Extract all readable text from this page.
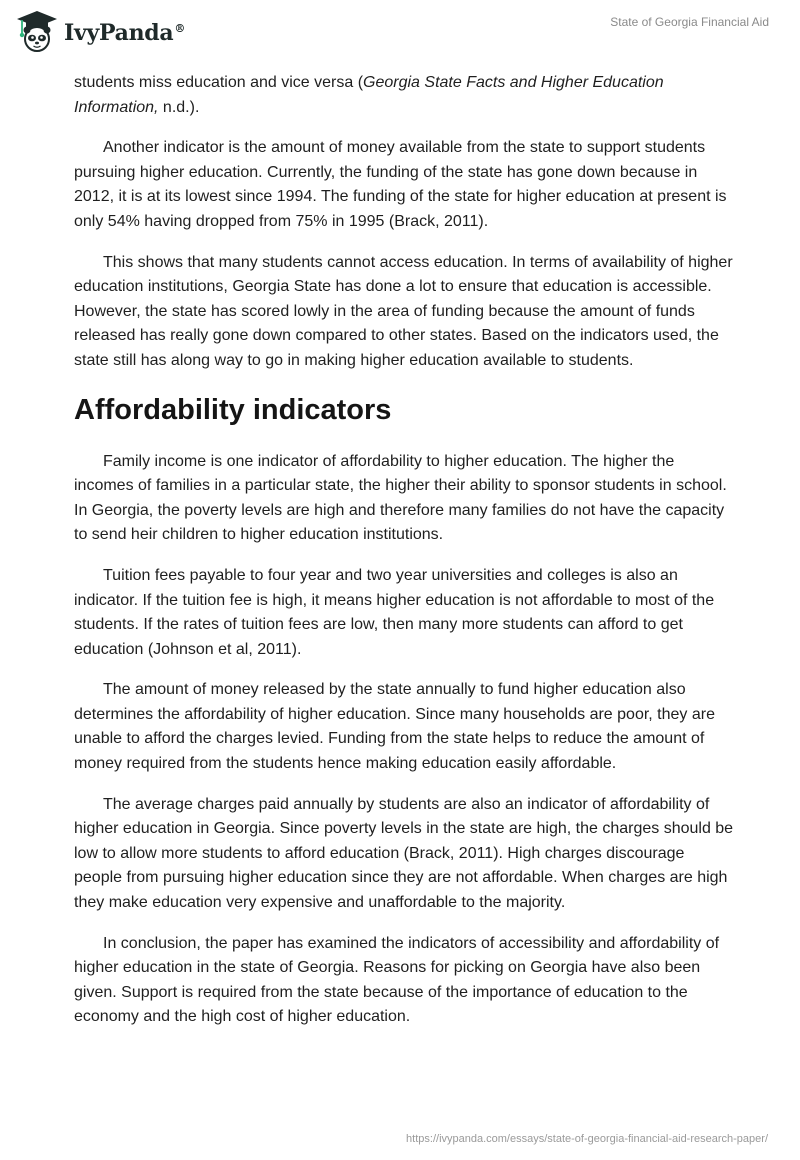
IvyPanda®	State of Georgia Financial Aid

students miss education and vice versa (Georgia State Facts and Higher Education Information, n.d.).

Another indicator is the amount of money available from the state to support students pursuing higher education. Currently, the funding of the state has gone down because in 2012, it is at its lowest since 1994. The funding of the state for higher education at present is only 54% having dropped from 75% in 1995 (Brack, 2011).

This shows that many students cannot access education. In terms of availability of higher education institutions, Georgia State has done a lot to ensure that education is accessible. However, the state has scored lowly in the area of funding because the amount of funds released has really gone down compared to other states. Based on the indicators used, the state still has along way to go in making higher education available to students.

Affordability indicators

Family income is one indicator of affordability to higher education. The higher the incomes of families in a particular state, the higher their ability to sponsor students in school. In Georgia, the poverty levels are high and therefore many families do not have the capacity to send heir children to higher education institutions.

Tuition fees payable to four year and two year universities and colleges is also an indicator. If the tuition fee is high, it means higher education is not affordable to most of the students. If the rates of tuition fees are low, then many more students can afford to get education (Johnson et al, 2011).

The amount of money released by the state annually to fund higher education also determines the affordability of higher education. Since many households are poor, they are unable to afford the charges levied. Funding from the state helps to reduce the amount of money required from the students hence making education easily affordable.

The average charges paid annually by students are also an indicator of affordability of higher education in Georgia. Since poverty levels in the state are high, the charges should be low to allow more students to afford education (Brack, 2011). High charges discourage people from pursuing higher education since they are not affordable. When charges are high they make education very expensive and unaffordable to the majority.

In conclusion, the paper has examined the indicators of accessibility and affordability of higher education in the state of Georgia. Reasons for picking on Georgia have also been given. Support is required from the state because of the importance of education to the economy and the high cost of higher education.

https://ivypanda.com/essays/state-of-georgia-financial-aid-research-paper/
